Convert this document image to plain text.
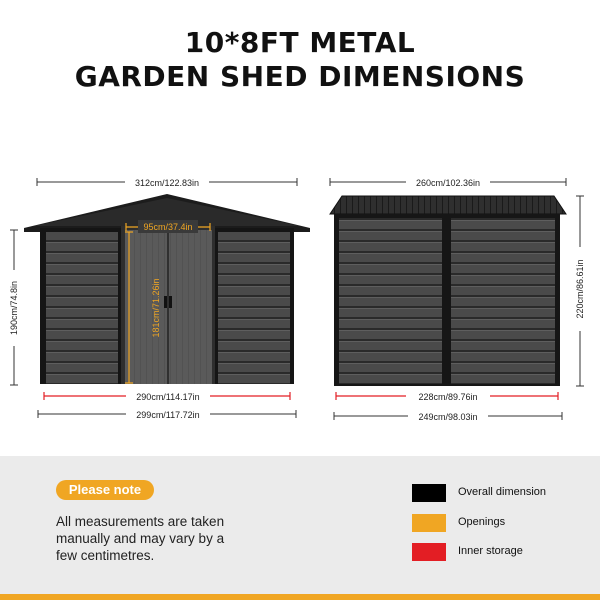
10*8FT METAL
GARDEN SHED DIMENSIONS
312cm/122.83in
95cm/37.4in
181cm/71.26in
190cm/74.8in
290cm/114.17in
299cm/117.72in
260cm/102.36in
220cm/86.61in
228cm/89.76in
249cm/98.03in
Please note
All measurements are taken manually and may vary by a few centimetres.
Overall dimension
Openings
Inner storage
